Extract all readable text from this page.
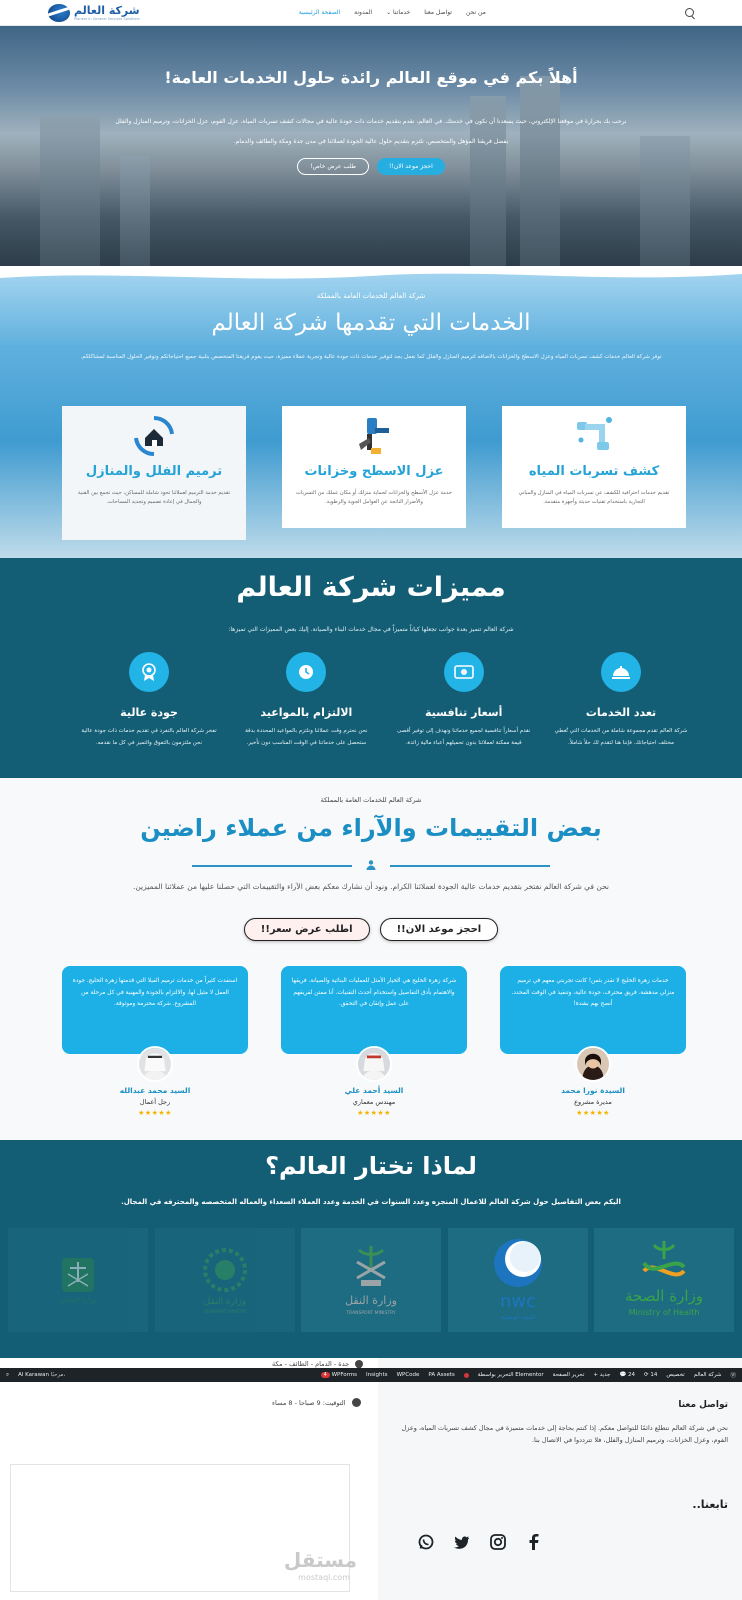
من نحن
تواصل معنا
خدماتنا ⌄
المدونة
الصفحة الرئيسية
شركة العالم
Pioneer in General Services Solutions
أهلاً بكم في موقع العالم رائدة حلول الخدمات العامة!

نرحب بك بحرارة في موقعنا الإلكتروني، حيث يسعدنا أن نكون في خدمتك. في العالم، نقدم بتقديم خدمات ذات جودة عالية في مجالات كشف تسربات المياه، عزل الفوم، عزل الخزانات، وترميم المنازل والفلل
بفضل فريقنا المؤهل والمتخصص، نلتزم بتقديم حلول عالية الجودة لعملائنا في مدن جدة ومكة والطائف والدمام.

احجز موعد الان!!
طلب عرض خاص!
شركة العالم للخدمات العامة بالمملكة
الخدمات التي تقدمها شركة العالم
توفر شركة العالم خدمات كشف تسربات المياه وعزل الاسطح والخزانات بالاضافه لترميم المنازل والفلل كما نعمل بجد لتوفير خدمات ذات جودة عالية وتجربة عملاء مميزة، حيث يقوم فريقنا المتخصص بتلبية جميع احتياجاتكم وتوفير الحلول المناسبة لمشاكلكم.
كشف تسربات المياه
تقديم خدمات احترافية للكشف عن تسربات المياه في المنازل والمباني التجارية باستخدام تقنيات حديثة وأجهزة متقدمة.
عزل الاسطح وخزانات
خدمة عزل الأسطح والخزانات لحماية منزلك أو مكان عملك من التسربات والأضرار الناتجة عن العوامل الجوية والرطوبة.
ترميم الفلل والمنازل
تقديم خدمة الترميم لعملائنا تحوذ شاملة للمساكن، حيث نجمع بين الفنية والجمال في إعادة تصميم وتجديد المساحات.
مميزات شركة العالم
شركة العالم تتميز بعدة جوانب تجعلها كياناً متميزاً في مجال خدمات البناء والصيانة. إليك بعض المميزات التي تميزها:
تعدد الخدمات
شركة العالم تقدم مجموعة شاملة من الخدمات التي تُغطي مختلف احتياجاتك. فإننا هنا لتقدم لك حلاً شاملاً.
أسعار تنافسية
نقدم أسعاراً تنافسية لجميع خدماتنا ونهدف إلى توفير أقصى قيمة ممكنة لعملائنا بدون تحميلهم أعباء مالية زائدة.
الالتزام بالمواعيد
نحن نحترم وقت عملائنا ونلتزم بالمواعيد المحددة بدقة ستحصل على خدماتنا في الوقت المناسب دون تأخير.
جودة عالية
تفخر شركة العالم بالتفرد في تقديم خدمات ذات جودة عالية نحن ملتزمون بالتفوق والتميز في كل ما نقدمه.
شركة العالم للخدمات العامة بالمملكة
بعض التقييمات والآراء من عملاء راضين
نحن في شركة العالم نفتخر بتقديم خدمات عالية الجودة لعملائنا الكرام. ونود أن نشارك معكم بعض الآراء والتقييمات التي حصلنا عليها من عملائنا المميزين.
احجز موعد الان!!
اطلب عرض سعر!!
خدمات زهرة الخليج لا تقدر بثمن! كانت تجربتي معهم في ترميم منزلي مدهشة. فريق محترف، جودة عالية، وتنفيذ في الوقت المحدد. أنصح بهم بشدة!
السيدة نورا محمد
مديرة مشروع
★★★★★
شركة زهرة الخليج هي الخيار الأمثل للعمليات البنائية والصيانة. فريقها والاهتمام بأدق التفاصيل واستخدام أحدث التقنيات. أنا ممتن لفريقهم على عمل وإتقان في التحقق.
السيد أحمد علي
مهندس معماري
★★★★★
استفدت كثيراً من خدمات ترميم الفيلا التي قدمتها زهرة الخليج. جودة العمل لا مثيل لها، والالتزام بالجودة والمهنية في كل مرحلة من المشروع. شركة محترمة وموثوقة.
السيد محمد عبدالله
رجل أعمال
★★★★★
لماذا تختار العالم؟
اليكم بعض التفاصيل حول شركة العالم للاعمال المنجزه وعدد السنوات في الخدمة وعدد العملاء السعداء والعماله المتخصصه والمحترفه في المجال.
وزارة الإسكان	وزارة النقل
TRANSPORT MINISTRY
وزارة النقل
TRANSPORT MINISTRY
nwc
المياه الوطنية
وزارة الصحة
Ministry of Health
جدة - الدمام - الطائف - مكة
التوقيت: 9 صباحا - 8 مساء	تواصل معنا
نحن في شركة العالم نتطلع دائمًا للتواصل معكم. إذا كنتم بحاجة إلى خدمات متميزة في مجال كشف تسربات المياه، وعزل الفوم، وعزل الخزانات، وترميم المنازل والفلل، فلا تترددوا في الاتصال بنا.
تابعنا..
مستقل
mostaql.com
⌕ Al Karawan مرحبًا،	4 WPForms Insights WPCode PA Assets	التحرير بواسطة Elementor تحرير الصفحة + جديد 💬 24 ⟳ 14 تخصيص شركة العالم Ⓦ
